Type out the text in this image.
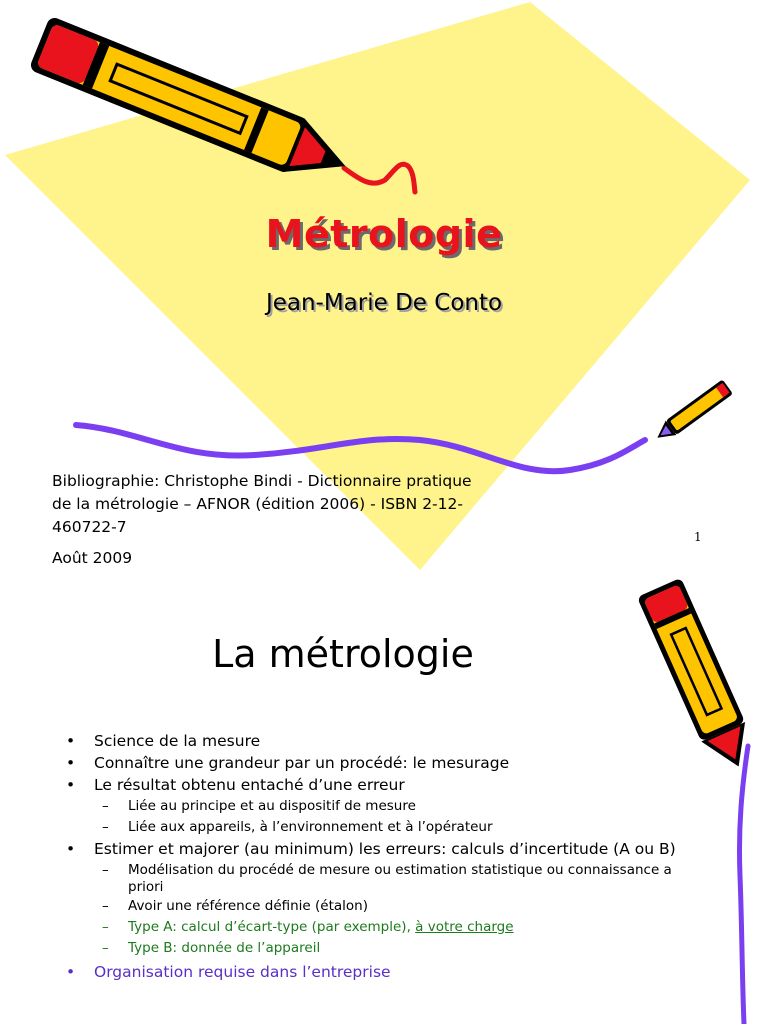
Métrologie
Jean-Marie De Conto
Bibliographie: Christophe Bindi - Dictionnaire pratique de la métrologie – AFNOR (édition 2006) - ISBN 2-12-460722-7
Août 2009
1
La métrologie
• Science de la mesure
• Connaître une grandeur par un procédé: le mesurage
• Le résultat obtenu entaché d’une erreur
– Liée au principe et au dispositif de mesure
– Liée aux appareils, à l’environnement et à l’opérateur
• Estimer et majorer (au minimum) les erreurs: calculs d’incertitude (A ou B)
– Modélisation du procédé de mesure ou estimation statistique ou connaissance a priori
– Avoir une référence définie (étalon)
– Type A: calcul d’écart-type (par exemple), à votre charge
– Type B: donnée de l’appareil
• Organisation requise dans l’entreprise
